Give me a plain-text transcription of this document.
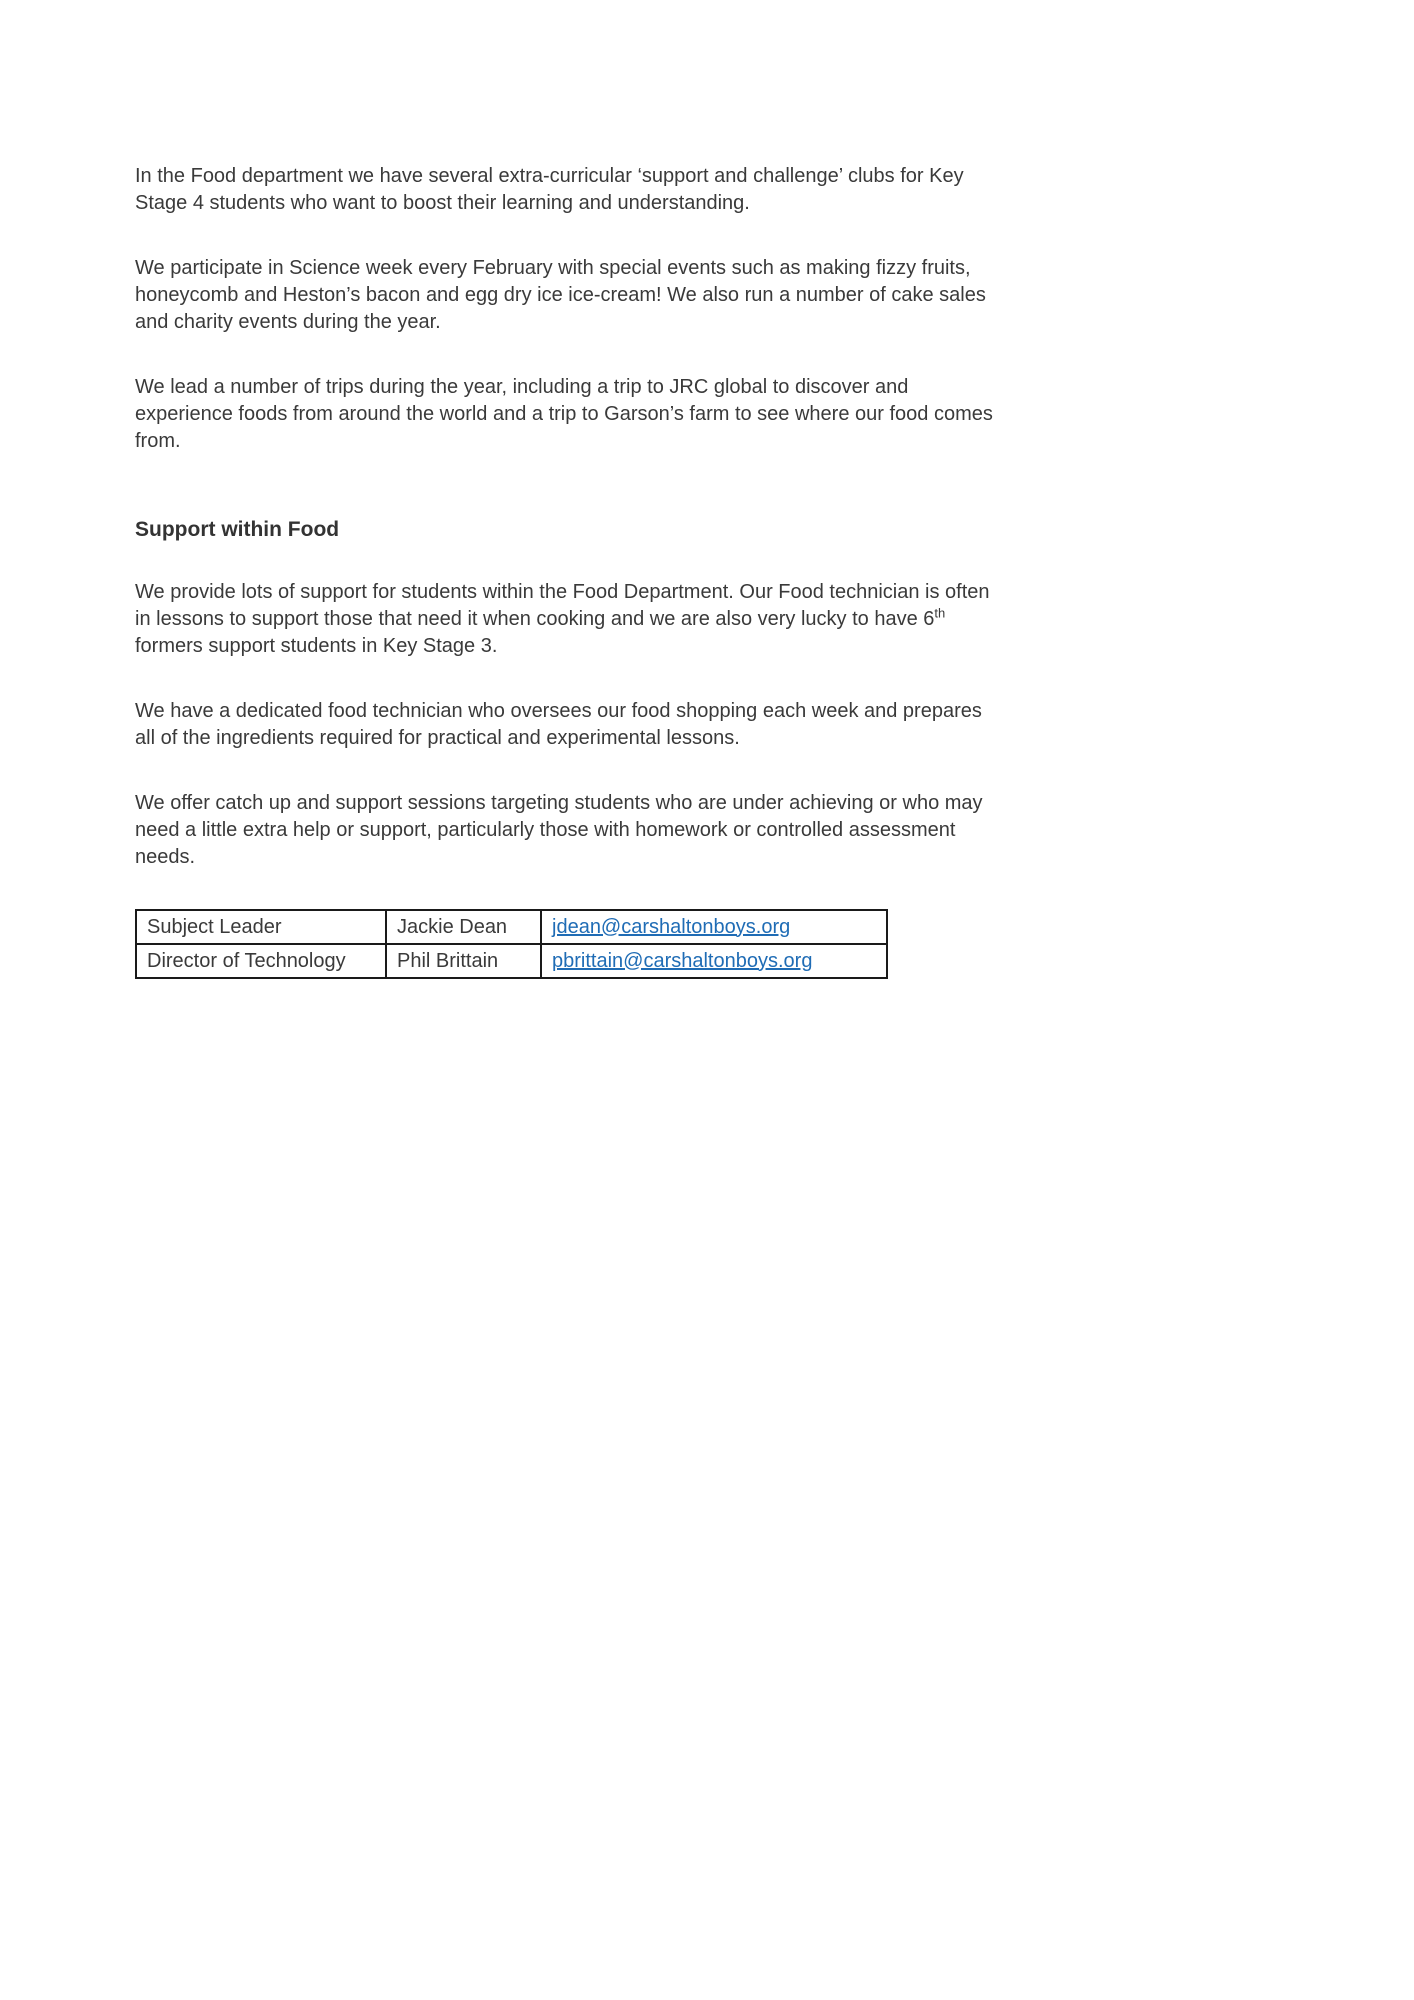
In the Food department we have several extra-curricular ‘support and challenge’ clubs for Key Stage 4 students who want to boost their learning and understanding.

We participate in Science week every February with special events such as making fizzy fruits, honeycomb and Heston’s bacon and egg dry ice ice-cream! We also run a number of cake sales and charity events during the year.

We lead a number of trips during the year, including a trip to JRC global to discover and experience foods from around the world and a trip to Garson’s farm to see where our food comes from.

Support within Food

We provide lots of support for students within the Food Department. Our Food technician is often in lessons to support those that need it when cooking and we are also very lucky to have 6th formers support students in Key Stage 3.

We have a dedicated food technician who oversees our food shopping each week and prepares all of the ingredients required for practical and experimental lessons.

We offer catch up and support sessions targeting students who are under achieving or who may need a little extra help or support, particularly those with homework or controlled assessment needs.

Subject Leader	Jackie Dean	jdean@carshaltonboys.org
Director of Technology	Phil Brittain	pbrittain@carshaltonboys.org
